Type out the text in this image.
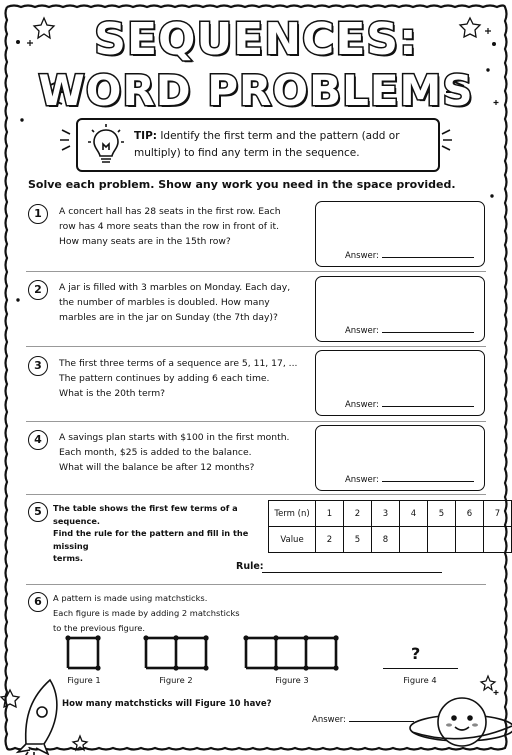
SEQUENCES:
WORD PROBLEMS
TIP: Identify the first term and the pattern (add or multiply) to find any term in the sequence.
Solve each problem. Show any work you need in the space provided.
1	A concert hall has 28 seats in the first row. Each
row has 4 more seats than the row in front of it.
How many seats are in the 15th row?
Answer:
2	A jar is filled with 3 marbles on Monday. Each day,
the number of marbles is doubled. How many
marbles are in the jar on Sunday (the 7th day)?
Answer:
3	The first three terms of a sequence are 5, 11, 17, ...
The pattern continues by adding 6 each time.
What is the 20th term?
Answer:
4	A savings plan starts with $100 in the first month.
Each month, $25 is added to the balance.
What will the balance be after 12 months?
Answer:
5	The table shows the first few terms of a sequence.
Find the rule for the pattern and fill in the missing
terms.
Term (n)	1	2	3	4	5	6	7
Value	2	5	8				
Rule:
6	A pattern is made using matchsticks.
Each figure is made by adding 2 matchsticks
to the previous figure.
?
Figure 1	Figure 2	Figure 3	Figure 4
How many matchsticks will Figure 10 have?
Answer:
